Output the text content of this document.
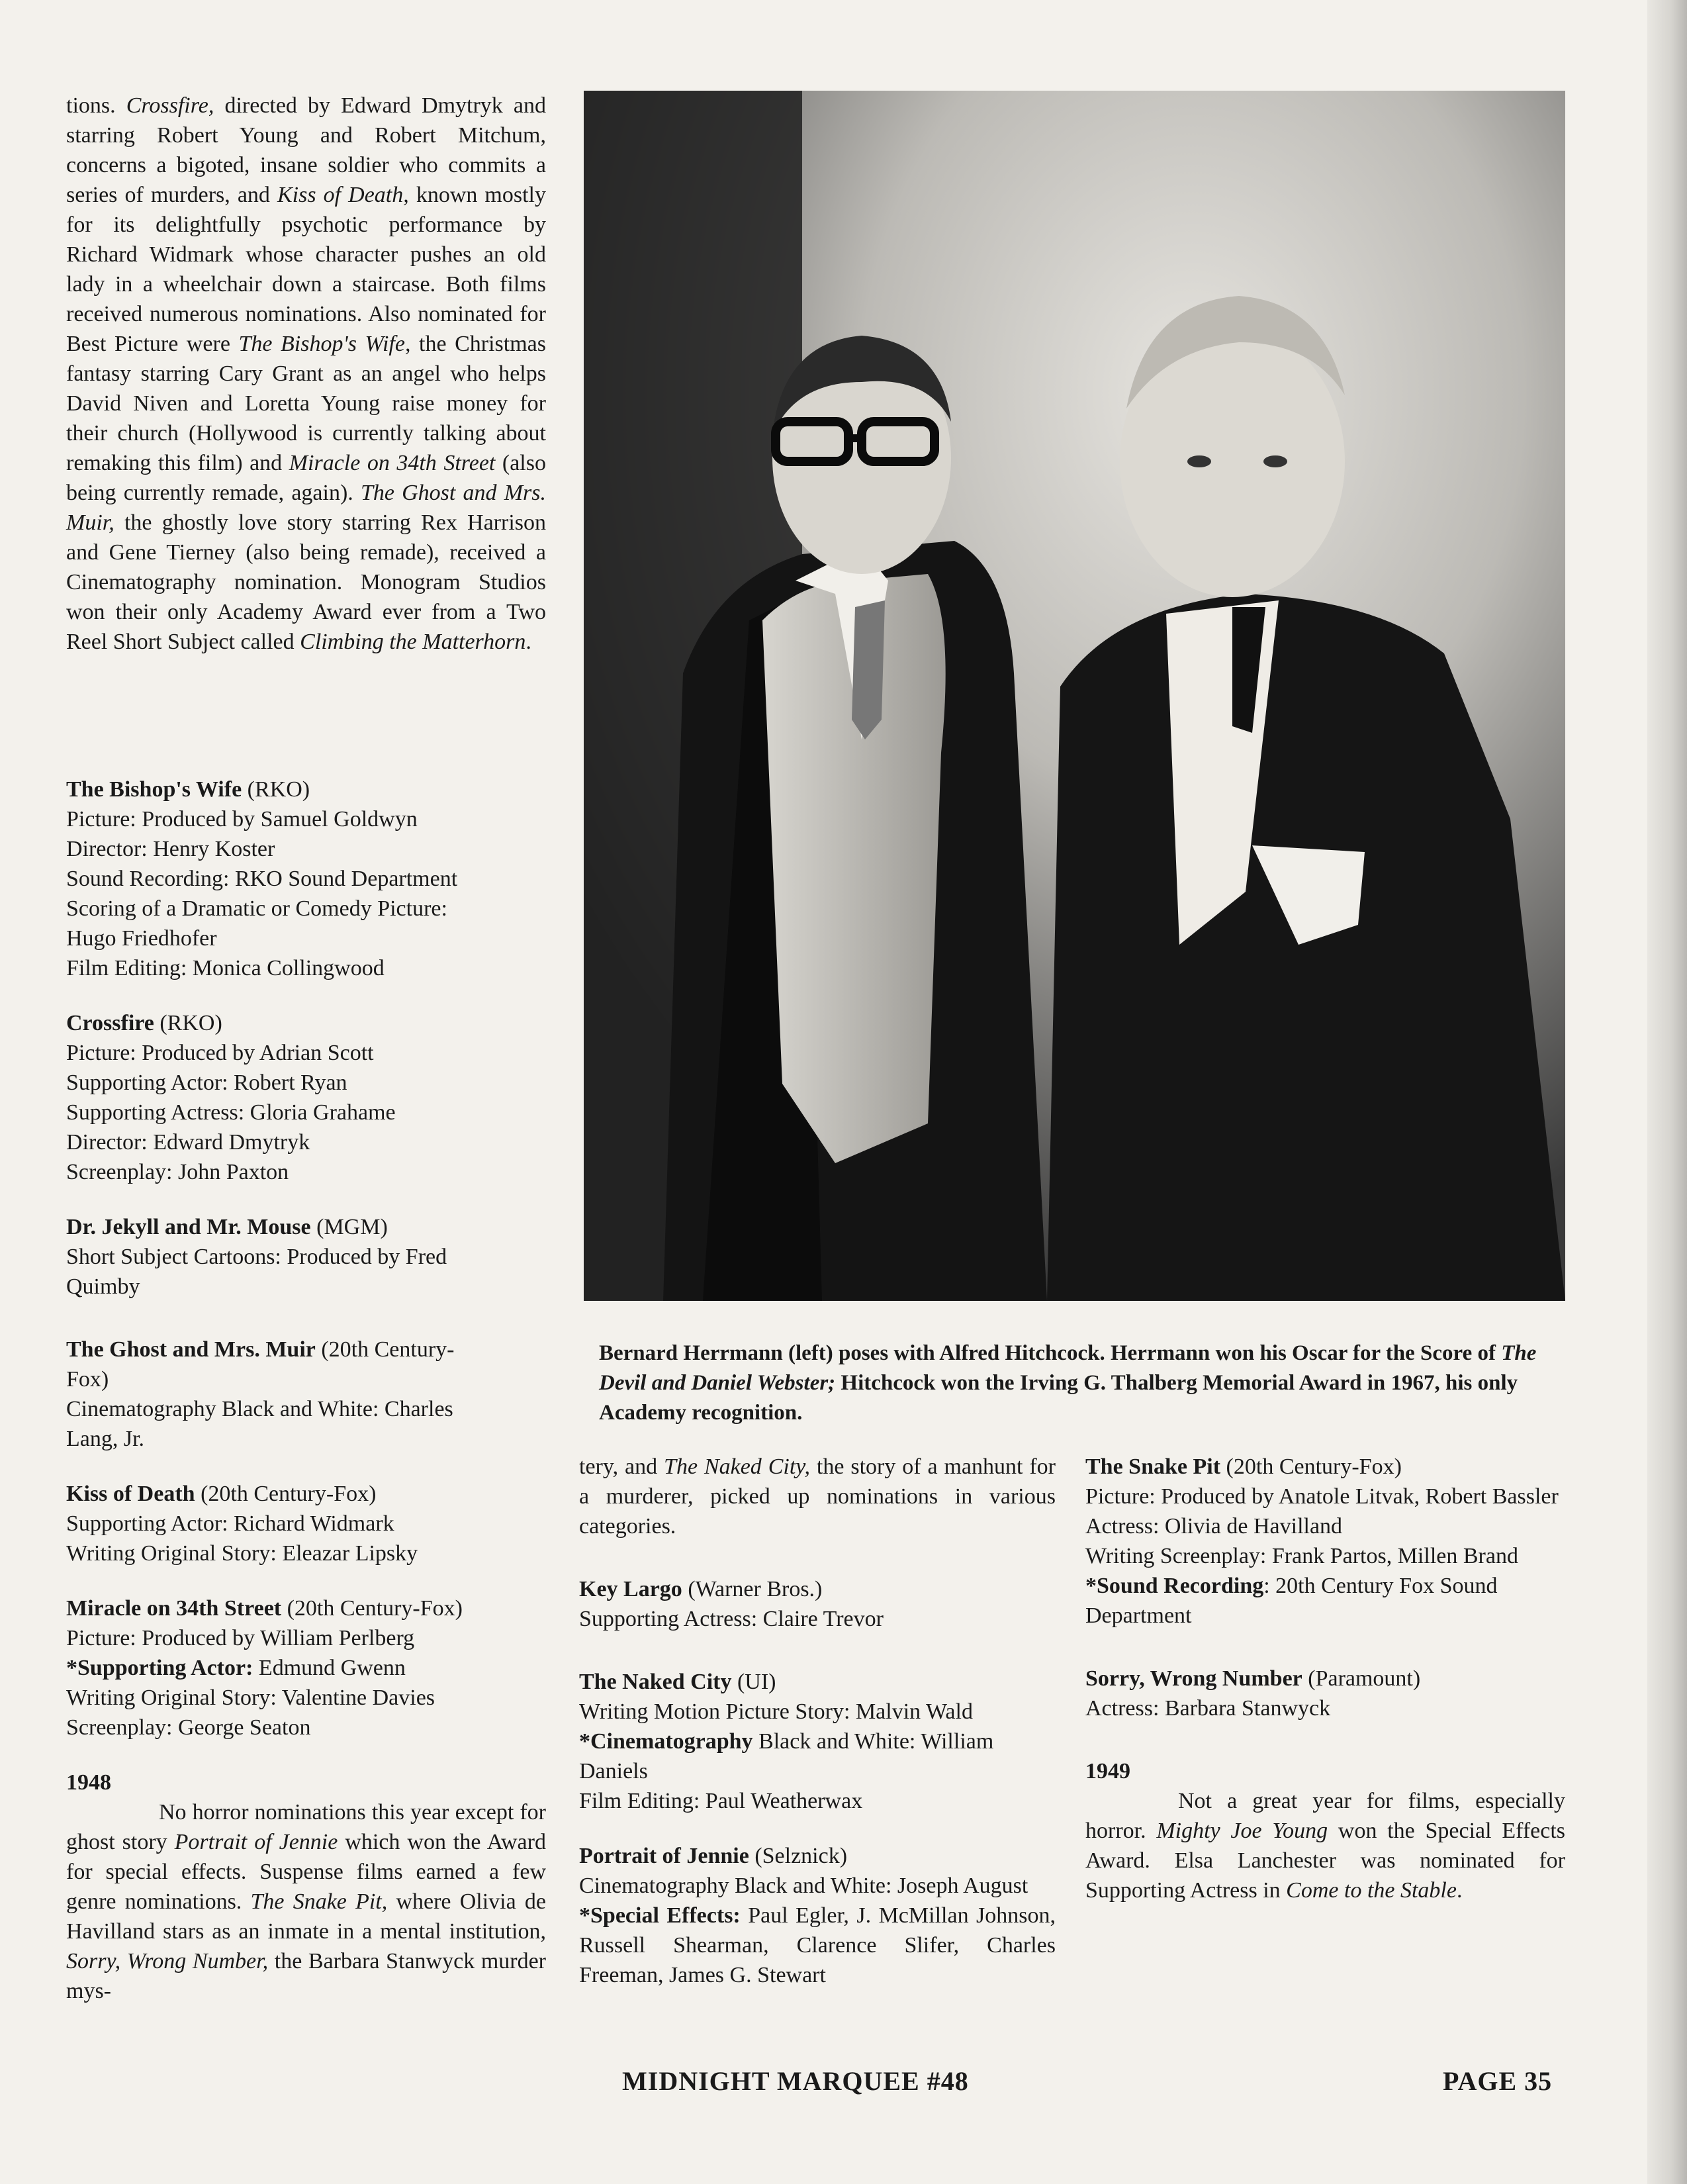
tions. Crossfire, directed by Edward Dmytryk and starring Robert Young and Robert Mitchum, concerns a bigoted, insane soldier who commits a series of murders, and Kiss of Death, known mostly for its delightfully psychotic performance by Richard Widmark whose character pushes an old lady in a wheelchair down a staircase. Both films received numerous nominations. Also nominated for Best Picture were The Bishop's Wife, the Christmas fantasy starring Cary Grant as an angel who helps David Niven and Loretta Young raise money for their church (Hollywood is currently talking about remaking this film) and Miracle on 34th Street (also being currently remade, again). The Ghost and Mrs. Muir, the ghostly love story starring Rex Harrison and Gene Tierney (also being remade), received a Cinematography nomination. Monogram Studios won their only Academy Award ever from a Two Reel Short Subject called Climbing the Matterhorn.

The Bishop's Wife (RKO)

Picture: Produced by Samuel Goldwyn

Director: Henry Koster

Sound Recording: RKO Sound Department

Scoring of a Dramatic or Comedy Picture:

Hugo Friedhofer

Film Editing: Monica Collingwood

Crossfire (RKO)

Picture: Produced by Adrian Scott

Supporting Actor: Robert Ryan

Supporting Actress: Gloria Grahame

Director: Edward Dmytryk

Screenplay: John Paxton

Dr. Jekyll and Mr. Mouse (MGM)

Short Subject Cartoons: Produced by Fred

Quimby

The Ghost and Mrs. Muir (20th Century-

Fox)

Cinematography Black and White: Charles

Lang, Jr.

Kiss of Death (20th Century-Fox)

Supporting Actor: Richard Widmark

Writing Original Story: Eleazar Lipsky

Miracle on 34th Street (20th Century-Fox)

Picture: Produced by William Perlberg

*Supporting Actor: Edmund Gwenn

Writing Original Story: Valentine Davies

Screenplay: George Seaton

1948

No horror nominations this year except for ghost story Portrait of Jennie which won the Award for special effects. Suspense films earned a few genre nominations. The Snake Pit, where Olivia de Havilland stars as an inmate in a mental institution, Sorry, Wrong Number, the Barbara Stanwyck murder mys-

Bernard Herrmann (left) poses with Alfred Hitchcock. Herrmann won his Oscar for the Score of The Devil and Daniel Webster; Hitchcock won the Irving G. Thalberg Memorial Award in 1967, his only Academy recognition.

tery, and The Naked City, the story of a manhunt for a murderer, picked up nominations in various categories.

Key Largo (Warner Bros.)

Supporting Actress: Claire Trevor

The Naked City (UI)

Writing Motion Picture Story: Malvin Wald

*Cinematography Black and White: William Daniels

Film Editing: Paul Weatherwax

Portrait of Jennie (Selznick)

Cinematography Black and White: Joseph August

*Special Effects: Paul Egler, J. McMillan Johnson, Russell Shearman, Clarence Slifer, Charles Freeman, James G. Stewart

The Snake Pit (20th Century-Fox)

Picture: Produced by Anatole Litvak, Robert Bassler

Actress: Olivia de Havilland

Writing Screenplay: Frank Partos, Millen Brand

*Sound Recording: 20th Century Fox Sound Department

Sorry, Wrong Number (Paramount)

Actress: Barbara Stanwyck

1949

Not a great year for films, especially horror. Mighty Joe Young won the Special Effects Award. Elsa Lanchester was nominated for Supporting Actress in Come to the Stable.

MIDNIGHT MARQUEE #48	PAGE 35
